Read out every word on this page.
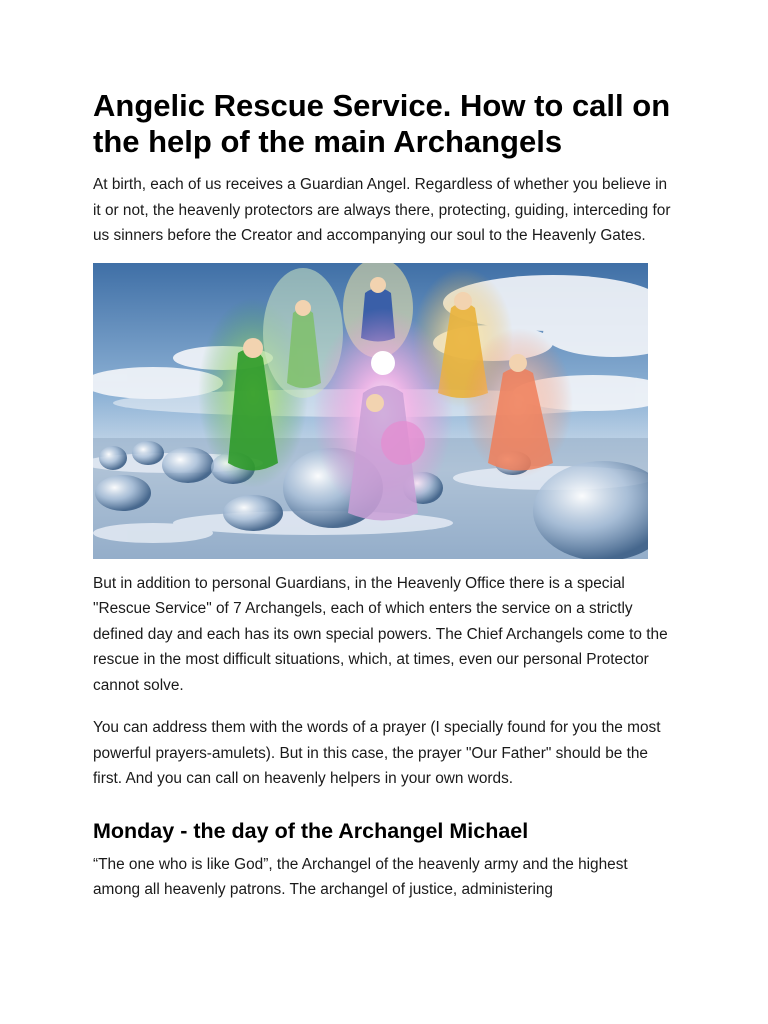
Angelic Rescue Service. How to call on the help of the main Archangels

At birth, each of us receives a Guardian Angel. Regardless of whether you believe in it or not, the heavenly protectors are always there, protecting, guiding, interceding for us sinners before the Creator and accompanying our soul to the Heavenly Gates.

But in addition to personal Guardians, in the Heavenly Office there is a special "Rescue Service" of 7 Archangels, each of which enters the service on a strictly defined day and each has its own special powers. The Chief Archangels come to the rescue in the most difficult situations, which, at times, even our personal Protector cannot solve.

You can address them with the words of a prayer (I specially found for you the most powerful prayers-amulets). But in this case, the prayer "Our Father" should be the first. And you can call on heavenly helpers in your own words.

Monday - the day of the Archangel Michael

“The one who is like God”, the Archangel of the heavenly army and the highest among all heavenly patrons. The archangel of justice, administering
